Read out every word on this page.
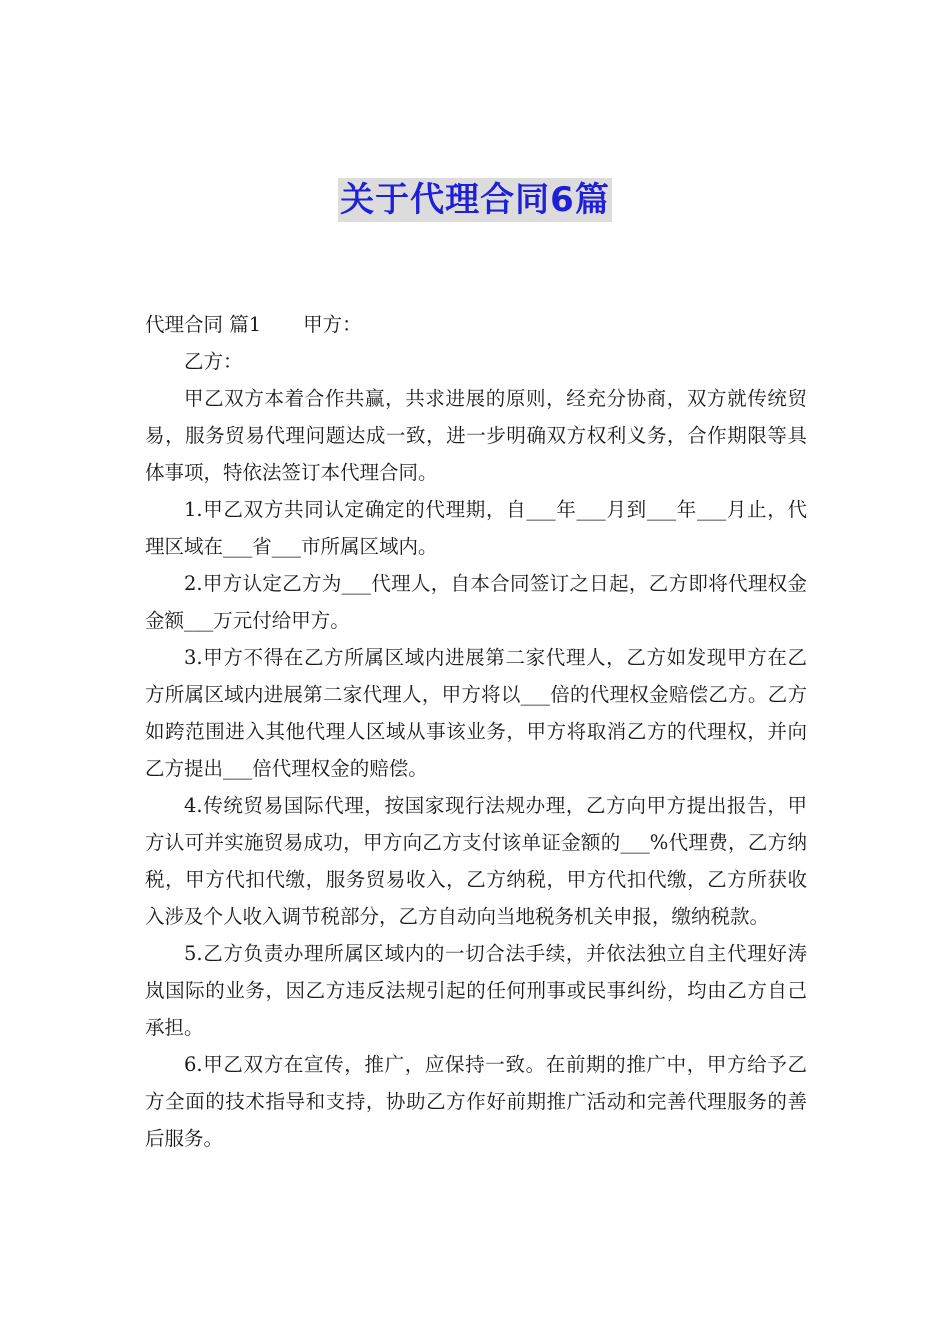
关于代理合同6篇
代理合同 篇1 甲方：
乙方：

甲乙双方本着合作共赢，共求进展的原则，经充分协商，双方就传统贸易，服务贸易代理问题达成一致，进一步明确双方权利义务，合作期限等具体事项，特依法签订本代理合同。

1.甲乙双方共同认定确定的代理期，自___年___月到___年___月止，代理区域在___省___市所属区域内。

2.甲方认定乙方为___代理人，自本合同签订之日起，乙方即将代理权金金额___万元付给甲方。

3.甲方不得在乙方所属区域内进展第二家代理人，乙方如发现甲方在乙方所属区域内进展第二家代理人，甲方将以___倍的代理权金赔偿乙方。乙方如跨范围进入其他代理人区域从事该业务，甲方将取消乙方的代理权，并向乙方提出___倍代理权金的赔偿。

4.传统贸易国际代理，按国家现行法规办理，乙方向甲方提出报告，甲方认可并实施贸易成功，甲方向乙方支付该单证金额的___%代理费，乙方纳税，甲方代扣代缴，服务贸易收入，乙方纳税，甲方代扣代缴，乙方所获收入涉及个人收入调节税部分，乙方自动向当地税务机关申报，缴纳税款。

5.乙方负责办理所属区域内的一切合法手续，并依法独立自主代理好涛岚国际的业务，因乙方违反法规引起的任何刑事或民事纠纷，均由乙方自己承担。

6.甲乙双方在宣传，推广，应保持一致。在前期的推广中，甲方给予乙方全面的技术指导和支持，协助乙方作好前期推广活动和完善代理服务的善后服务。
